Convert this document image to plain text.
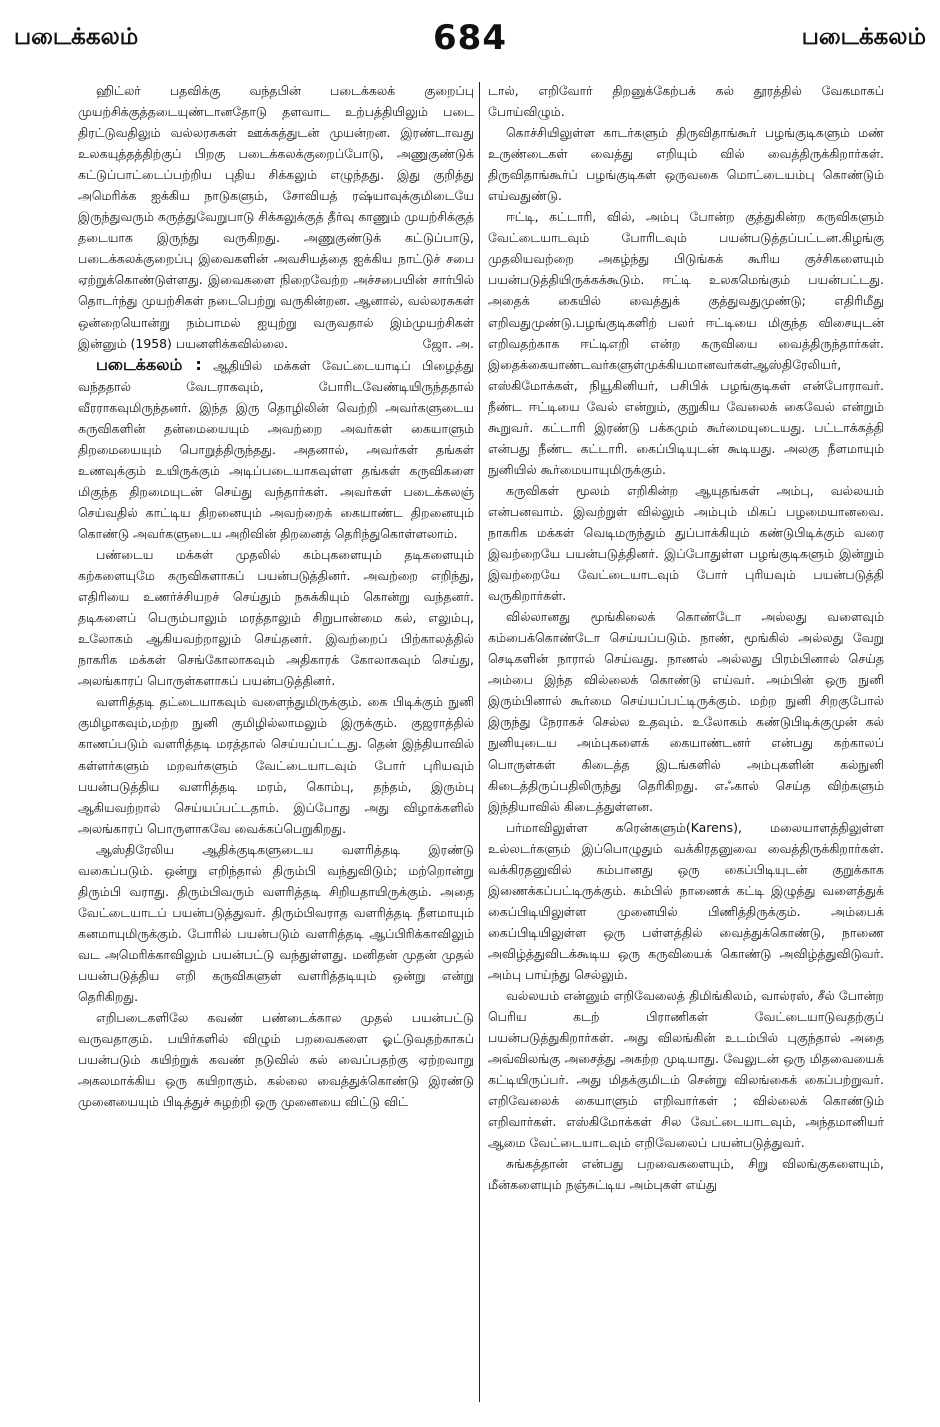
படைக்கலம்	684	படைக்கலம்

ஹிட்லர் பதவிக்கு வந்தபின் படைக்கலக் குறைப்பு முயற்சிக்குத்தடையுண்டானதோடு தளவாட உற்பத்தியிலும் படை திரட்டுவதிலும் வல்லரசுகள் ஊக்கத்துடன் முயன்றன. இரண்டாவது உலகயுத்தத்திற்குப் பிறகு படைக்கலக்குறைப்போடு, அணுகுண்டுக் கட்டுப்பாட்டைப்பற்றிய புதிய சிக்கலும் எழுந்தது. இது குறித்து அமெரிக்க ஐக்கிய நாடுகளும், சோவியத் ரஷ்யாவுக்குமிடையே இருந்துவரும் கருத்துவேறுபாடு சிக்கலுக்குத் தீர்வு காணும் முயற்சிக்குத் தடையாக இருந்து வருகிறது. அணுகுண்டுக் கட்டுப்பாடு, படைக்கலக்குறைப்பு இவைகளின் அவசியத்தை ஐக்கிய நாட்டுச் சபை ஏற்றுக்கொண்டுள்ளது. இவைகளை நிறைவேற்ற அச்சபையின் சார்பில் தொடர்ந்து முயற்சிகள் நடைபெற்று வருகின்றன. ஆனால், வல்லரசுகள் ஒன்றையொன்று நம்பாமல் ஐயுற்று வருவதால் இம்முயற்சிகள் இன்னும் (1958) பயனளிக்கவில்லை.	ஜோ. அ.

படைக்கலம் : ஆதியில் மக்கள் வேட்டையாடிப் பிழைத்து வந்ததால் வேடராகவும், போரிடவேண்டியிருந்ததால் வீரராகவுமிருந்தனர். இந்த இரு தொழிலின் வெற்றி அவர்களுடைய கருவிகளின் தன்மையையும் அவற்றை அவர்கள் கையாளும் திறமையையும் பொறுத்திருந்தது. அதனால், அவர்கள் தங்கள் உணவுக்கும் உயிருக்கும் அடிப்படையாகவுள்ள தங்கள் கருவிகளை மிகுந்த திறமையுடன் செய்து வந்தார்கள். அவர்கள் படைக்கலஞ் செய்வதில் காட்டிய திறனையும் அவற்றைக் கையாண்ட திறனையும் கொண்டு அவர்களுடைய அறிவின் திறனைத் தெரிந்துகொள்ளலாம்.

பண்டைய மக்கள் முதலில் கம்புகளையும் தடிகளையும் கற்களையுமே கருவிகளாகப் பயன்படுத்தினர். அவற்றை எறிந்து, எதிரியை உணர்ச்சியறச் செய்தும் நசுக்கியும் கொன்று வந்தனர். தடிகளைப் பெரும்பாலும் மரத்தாலும் சிறுபான்மை கல், எலும்பு, உலோகம் ஆகியவற்றாலும் செய்தனர். இவற்றைப் பிற்காலத்தில் நாகரிக மக்கள் செங்கோலாகவும் அதிகாரக் கோலாகவும் செய்து, அலங்காரப் பொருள்களாகப் பயன்படுத்தினர்.

வளரித்தடி தட்டையாகவும் வளைந்துமிருக்கும். கை பிடிக்கும் நுனி குமிழாகவும்,மற்ற நுனி குமிழில்லாமலும் இருக்கும். குஜராத்தில் காணப்படும் வளரித்தடி மரத்தால் செய்யப்பட்டது. தென் இந்தியாவில் கள்ளர்களும் மறவர்களும் வேட்டையாடவும் போர் புரியவும் பயன்படுத்திய வளரித்தடி மரம், கொம்பு, தந்தம், இரும்பு ஆகியவற்றால் செய்யப்பட்டதாம். இப்போது அது விழாக்களில் அலங்காரப் பொருளாகவே வைக்கப்பெறுகிறது.

ஆஸ்திரேலிய ஆதிக்குடிகளுடைய வளரித்தடி இரண்டு வகைப்படும். ஒன்று எறிந்தால் திரும்பி வந்துவிடும்; மற்றொன்று திரும்பி வராது. திரும்பிவரும் வளரித்தடி சிறியதாயிருக்கும். அதை வேட்டையாடப் பயன்படுத்துவர். திரும்பிவராத வளரித்தடி நீளமாயும் கனமாயுமிருக்கும். போரில் பயன்படும் வளரித்தடி ஆப்பிரிக்காவிலும் வட அமெரிக்காவிலும் பயன்பட்டு வந்துள்ளது. மனிதன் முதன் முதல் பயன்படுத்திய எறி கருவிகளுள் வளரித்தடியும் ஒன்று என்று தெரிகிறது.

எறிபடைகளிலே கவண் பண்டைக்கால முதல் பயன்பட்டு வருவதாகும். பயிர்களில் விழும் பறவைகளை ஓட்டுவதற்காகப் பயன்படும் கயிற்றுக் கவண் நடுவில் கல் வைப்பதற்கு ஏற்றவாறு அகலமாக்கிய ஒரு கயிறாகும். கல்லை வைத்துக்கொண்டு இரண்டு முனையையும் பிடித்துச் சுழற்றி ஒரு முனையை விட்டு விட்

டால், எறிவோர் திறனுக்கேற்பக் கல் தூரத்தில் வேகமாகப் போய்விழும்.

கொச்சியிலுள்ள காடர்களும் திருவிதாங்கூர் பழங்குடிகளும் மண் உருண்டைகள் வைத்து எறியும் வில் வைத்திருக்கிறார்கள். திருவிதாங்கூர்ப் பழங்குடிகள் ஒருவகை மொட்டையம்பு கொண்டும் எய்வதுண்டு.

ஈட்டி, கட்டாரி, வில், அம்பு போன்ற குத்துகின்ற கருவிகளும் வேட்டையாடவும் போரிடவும் பயன்படுத்தப்பட்டன.கிழங்கு முதலியவற்றை அகழ்ந்து பிடுங்கக் கூரிய குச்சிகளையும் பயன்படுத்தியிருக்கக்கூடும். ஈட்டி உலகமெங்கும் பயன்பட்டது. அதைக் கையில் வைத்துக் குத்துவதுமுண்டு; எதிரிமீது எறிவதுமுண்டு.பழங்குடிகளிற் பலர் ஈட்டியை மிகுந்த விசையுடன் எறிவதற்காக ஈட்டிஎறி என்ற கருவியை வைத்திருந்தார்கள். இதைக்கையாண்டவர்களுள்முக்கியமானவர்கள்ஆஸ்திரேலியர், எஸ்கிமோக்கள், நியூகினியர், பசிபிக் பழங்குடிகள் என்போராவர். நீண்ட ஈட்டியை வேல் என்றும், குறுகிய வேலைக் கைவேல் என்றும் கூறுவர். கட்டாரி இரண்டு பக்கமும் கூர்மையுடையது. பட்டாக்கத்தி என்பது நீண்ட கட்டாரி. கைப்பிடியுடன் கூடியது. அலகு நீளமாயும் நுனியில் கூர்மையாயுமிருக்கும்.

கருவிகள் மூலம் எறிகின்ற ஆயுதங்கள் அம்பு, வல்லயம் என்பனவாம். இவற்றுள் வில்லும் அம்பும் மிகப் பழமையானவை. நாகரிக மக்கள் வெடிமருந்தும் துப்பாக்கியும் கண்டுபிடிக்கும் வரை இவற்றையே பயன்படுத்தினர். இப்போதுள்ள பழங்குடிகளும் இன்றும் இவற்றையே வேட்டையாடவும் போர் புரியவும் பயன்படுத்தி வருகிறார்கள்.

வில்லானது மூங்கிலைக் கொண்டோ அல்லது வளைவும் கம்பைக்கொண்டோ செய்யப்படும். நாண், மூங்கில் அல்லது வேறு செடிகளின் நாரால் செய்வது. நாணல் அல்லது பிரம்பினால் செய்த அம்பை இந்த வில்லைக் கொண்டு எய்வர். அம்பின் ஒரு நுனி இரும்பினால் கூர்மை செய்யப்பட்டிருக்கும். மற்ற நுனி சிறகுபோல் இருந்து நேராகச் செல்ல உதவும். உலோகம் கண்டுபிடிக்குமுன் கல் நுனியுடைய அம்புகளைக் கையாண்டனர் என்பது கற்காலப் பொருள்கள் கிடைத்த இடங்களில் அம்புகளின் கல்நுனி கிடைத்திருப்பதிலிருந்து தெரிகிறது. எஃகால் செய்த விற்களும் இந்தியாவில் கிடைத்துள்ளன.

பர்மாவிலுள்ள கரென்களும்(Karens), மலையாளத்திலுள்ள உல்லடர்களும் இப்பொழுதும் வக்கிரதனுவை வைத்திருக்கிறார்கள். வக்கிரதனுவில் கம்பானது ஒரு கைப்பிடியுடன் குறுக்காக இணைக்கப்பட்டிருக்கும். கம்பில் நாணைக் கட்டி இழுத்து வளைத்துக் கைப்பிடியிலுள்ள முனையில் பிணித்திருக்கும். அம்பைக் கைப்பிடியிலுள்ள ஒரு பள்ளத்தில் வைத்துக்கொண்டு, நாணை அவிழ்த்துவிடக்கூடிய ஒரு கருவியைக் கொண்டு அவிழ்த்துவிடுவர். அம்பு பாய்ந்து செல்லும்.

வல்லயம் என்னும் எறிவேலைத் திமிங்கிலம், வால்ரஸ், சீல் போன்ற பெரிய கடற் பிராணிகள் வேட்டையாடுவதற்குப் பயன்படுத்துகிறார்கள். அது விலங்கின் உடம்பில் புகுந்தால் அதை அவ்விலங்கு அசைத்து அகற்ற முடியாது. வேலுடன் ஒரு மிதவையைக் கட்டியிருப்பர். அது மிதக்குமிடம் சென்று விலங்கைக் கைப்பற்றுவர். எறிவேலைக் கையாளும் எறிவார்கள் ; வில்லைக் கொண்டும் எறிவார்கள். எஸ்கிமோக்கள் சில வேட்டையாடவும், அந்தமானியர் ஆமை வேட்டையாடவும் எறிவேலைப் பயன்படுத்துவர்.

சுங்கத்தான் என்பது பறவைகளையும், சிறு விலங்குகளையும், மீன்களையும் நஞ்சுட்டிய அம்புகள் எய்து
